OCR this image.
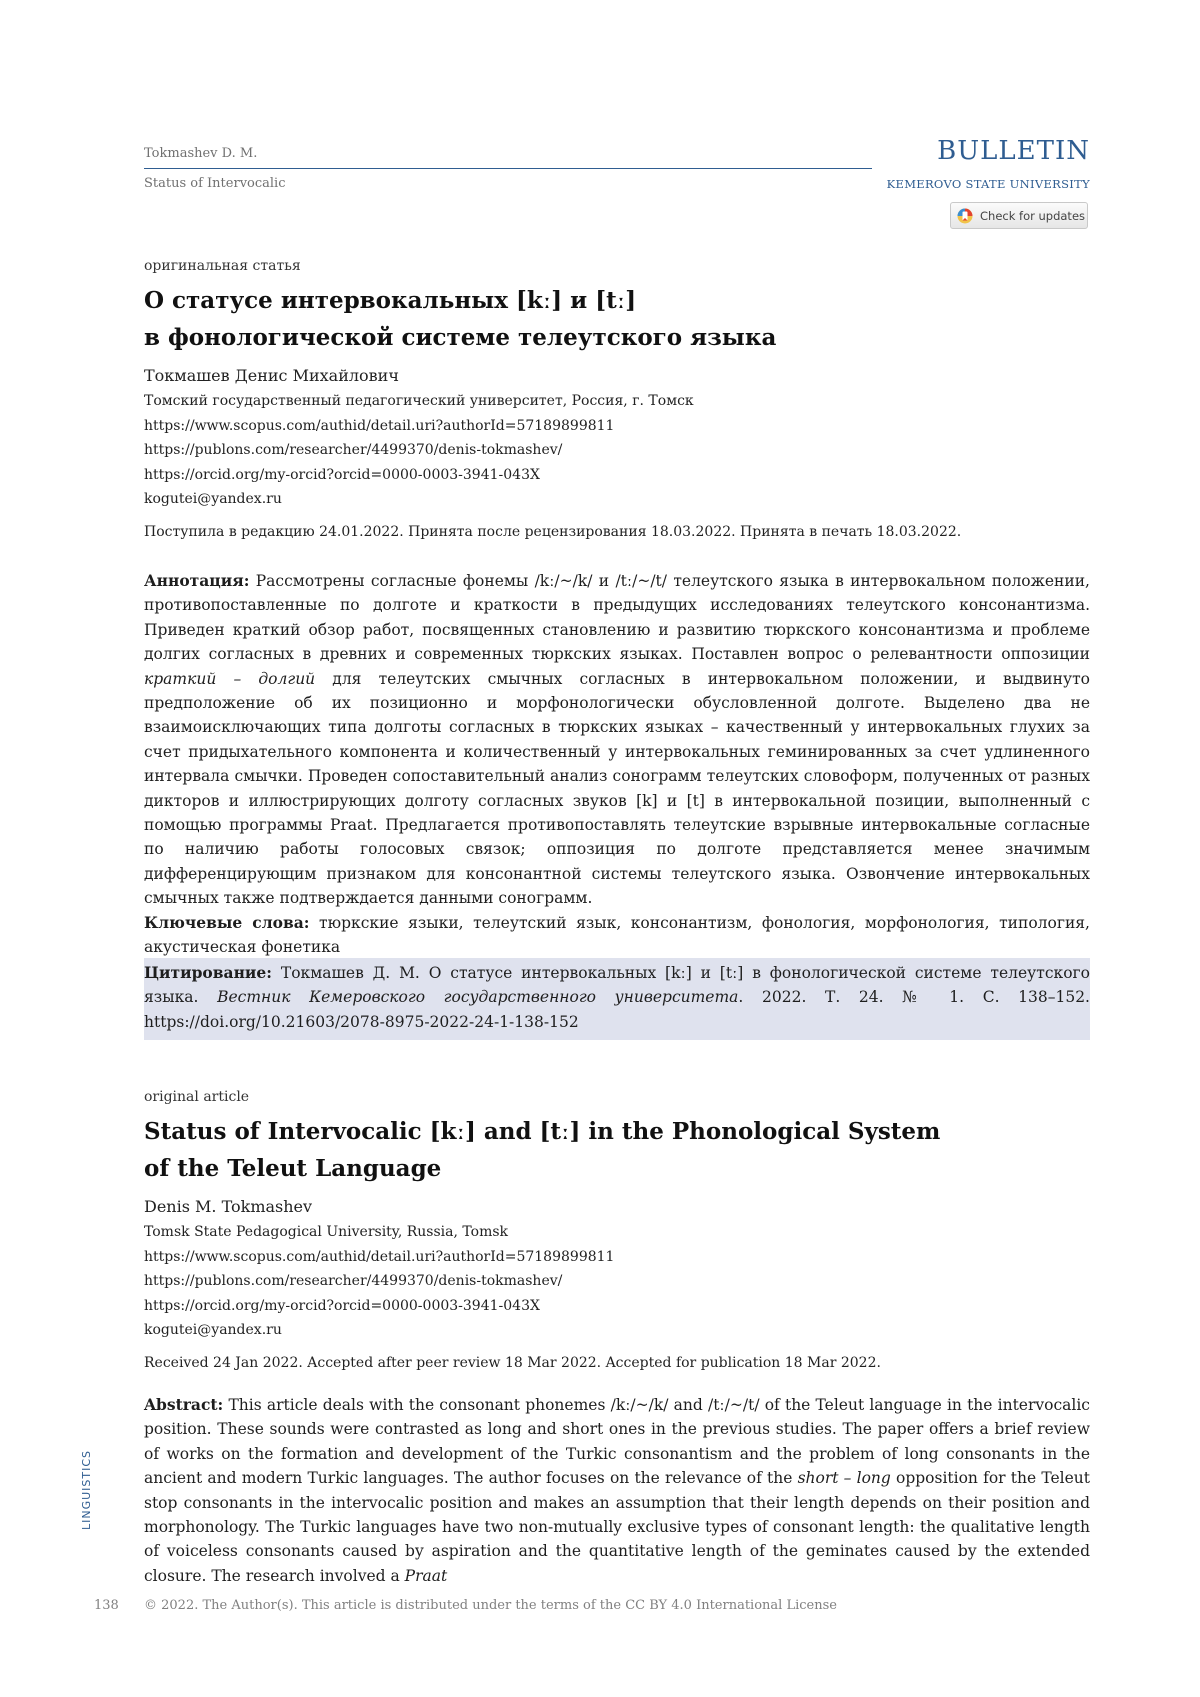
Tokmashev D. M.
Status of Intervocalic
BULLETIN
KEMEROVO STATE UNIVERSITY
Check for updates
оригинальная статья
О статусе интервокальных [kː] и [tː]
в фонологической системе телеутского языка
Токмашев Денис Михайлович
Томский государственный педагогический университет, Россия, г. Томск
https://www.scopus.com/authid/detail.uri?authorId=57189899811
https://publons.com/researcher/4499370/denis-tokmashev/
https://orcid.org/my-orcid?orcid=0000-0003-3941-043X
kogutei@yandex.ru
Поступила в редакцию 24.01.2022. Принята после рецензирования 18.03.2022. Принята в печать 18.03.2022.
Аннотация: Рассмотрены согласные фонемы /kː/~/k/ и /tː/~/t/ телеутского языка в интервокальном положении, противопоставленные по долготе и краткости в предыдущих исследованиях телеутского консонантизма. Приведен краткий обзор работ, посвященных становлению и развитию тюркского консонантизма и проблеме долгих согласных в древних и современных тюркских языках. Поставлен вопрос о релевантности оппозиции краткий – долгий для телеутских смычных согласных в интервокальном положении, и выдвинуто предположение об их позиционно и морфонологически обусловленной долготе. Выделено два не взаимоисключающих типа долготы согласных в тюркских языках – качественный у интервокальных глухих за счет придыхательного компонента и количественный у интервокальных геминированных за счет удлиненного интервала смычки. Проведен сопоставительный анализ сонограмм телеутских словоформ, полученных от разных дикторов и иллюстрирующих долготу согласных звуков [k] и [t] в интервокальной позиции, выполненный с помощью программы Praat. Предлагается противопоставлять телеутские взрывные интервокальные согласные по наличию работы голосовых связок; оппозиция по долготе представляется менее значимым дифференцирующим признаком для консонантной системы телеутского языка. Озвончение интервокальных смычных также подтверждается данными сонограмм.
Ключевые слова: тюркские языки, телеутский язык, консонантизм, фонология, морфонология, типология, акустическая фонетика
Цитирование: Токмашев Д. М. О статусе интервокальных [kː] и [tː] в фонологической системе телеутского языка. Вестник Кемеровского государственного университета. 2022. Т. 24. № 1. С. 138–152. https://doi.org/10.21603/2078-8975-2022-24-1-138-152
original article
Status of Intervocalic [kː] and [tː] in the Phonological System
of the Teleut Language
Denis M. Tokmashev
Tomsk State Pedagogical University, Russia, Tomsk
https://www.scopus.com/authid/detail.uri?authorId=57189899811
https://publons.com/researcher/4499370/denis-tokmashev/
https://orcid.org/my-orcid?orcid=0000-0003-3941-043X
kogutei@yandex.ru
Received 24 Jan 2022. Accepted after peer review 18 Mar 2022. Accepted for publication 18 Mar 2022.
Abstract: This article deals with the consonant phonemes /kː/~/k/ and /tː/~/t/ of the Teleut language in the intervocalic position. These sounds were contrasted as long and short ones in the previous studies. The paper offers a brief review of works on the formation and development of the Turkic consonantism and the problem of long consonants in the ancient and modern Turkic languages. The author focuses on the relevance of the short – long opposition for the Teleut stop consonants in the intervocalic position and makes an assumption that their length depends on their position and morphonology. The Turkic languages have two non-mutually exclusive types of consonant length: the qualitative length of voiceless consonants caused by aspiration and the quantitative length of the geminates caused by the extended closure. The research involved a Praat
LINGUISTICS
138 © 2022. The Author(s). This article is distributed under the terms of the CC BY 4.0 International License
